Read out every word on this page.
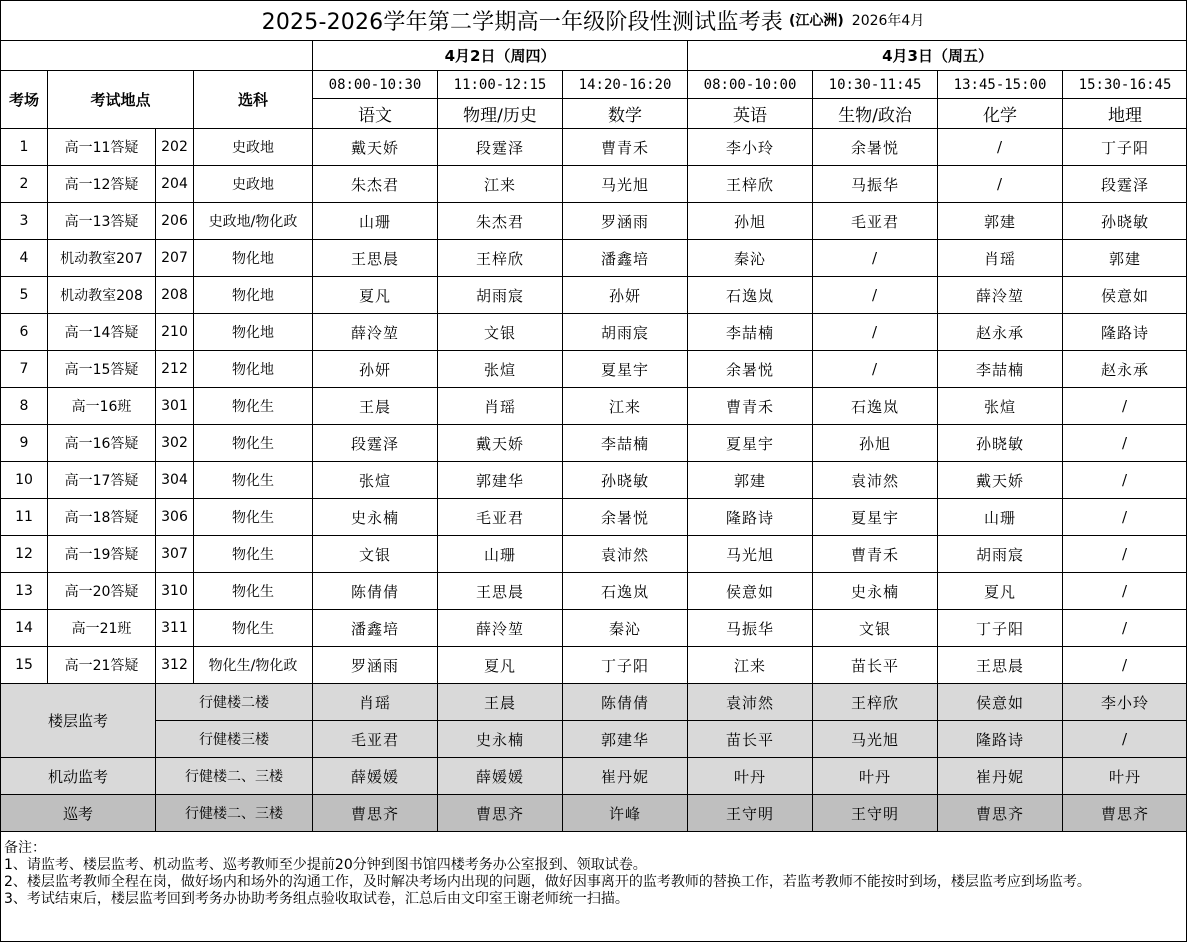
2025-2026学年第二学期高一年级阶段性测试监考表 (江心洲) 2026年4月
				4月2日（周四）			4月3日（周五）			
考场	考试地点		选科	08:00-10:30	11:00-12:15	14:20-16:20	08:00-10:00	10:30-11:45	13:45-15:00	15:30-16:45
				语文	物理/历史	数学	英语	生物/政治	化学	地理
1	高一11答疑	202	史政地	戴天娇	段霆泽	曹青禾	李小玲	余暑悦	/	丁子阳
2	高一12答疑	204	史政地	朱杰君	江来	马光旭	王梓欣	马振华	/	段霆泽
3	高一13答疑	206	史政地/物化政	山珊	朱杰君	罗涵雨	孙旭	毛亚君	郭建	孙晓敏
4	机动教室207	207	物化地	王思晨	王梓欣	潘鑫培	秦沁	/	肖瑶	郭建
5	机动教室208	208	物化地	夏凡	胡雨宸	孙妍	石逸岚	/	薛泠堃	侯意如
6	高一14答疑	210	物化地	薛泠堃	文银	胡雨宸	李喆楠	/	赵永承	隆路诗
7	高一15答疑	212	物化地	孙妍	张煊	夏星宇	余暑悦	/	李喆楠	赵永承
8	高一16班	301	物化生	王晨	肖瑶	江来	曹青禾	石逸岚	张煊	/
9	高一16答疑	302	物化生	段霆泽	戴天娇	李喆楠	夏星宇	孙旭	孙晓敏	/
10	高一17答疑	304	物化生	张煊	郭建华	孙晓敏	郭建	袁沛然	戴天娇	/
11	高一18答疑	306	物化生	史永楠	毛亚君	余暑悦	隆路诗	夏星宇	山珊	/
12	高一19答疑	307	物化生	文银	山珊	袁沛然	马光旭	曹青禾	胡雨宸	/
13	高一20答疑	310	物化生	陈倩倩	王思晨	石逸岚	侯意如	史永楠	夏凡	/
14	高一21班	311	物化生	潘鑫培	薛泠堃	秦沁	马振华	文银	丁子阳	/
15	高一21答疑	312	物化生/物化政	罗涵雨	夏凡	丁子阳	江来	苗长平	王思晨	/
楼层监考		行健楼二楼		肖瑶	王晨	陈倩倩	袁沛然	王梓欣	侯意如	李小玲
		行健楼三楼		毛亚君	史永楠	郭建华	苗长平	马光旭	隆路诗	/
机动监考		行健楼二、三楼		薛媛媛	薛媛媛	崔丹妮	叶丹	叶丹	崔丹妮	叶丹
巡考		行健楼二、三楼		曹思齐	曹思齐	许峰	王守明	王守明	曹思齐	曹思齐
备注：
1、请监考、楼层监考、机动监考、巡考教师至少提前20分钟到图书馆四楼考务办公室报到、领取试卷。
2、楼层监考教师全程在岗，做好场内和场外的沟通工作，及时解决考场内出现的问题，做好因事离开的监考教师的替换工作，若监考教师不能按时到场，楼层监考应到场监考。
3、考试结束后，楼层监考回到考务办协助考务组点验收取试卷，汇总后由文印室王谢老师统一扫描。
